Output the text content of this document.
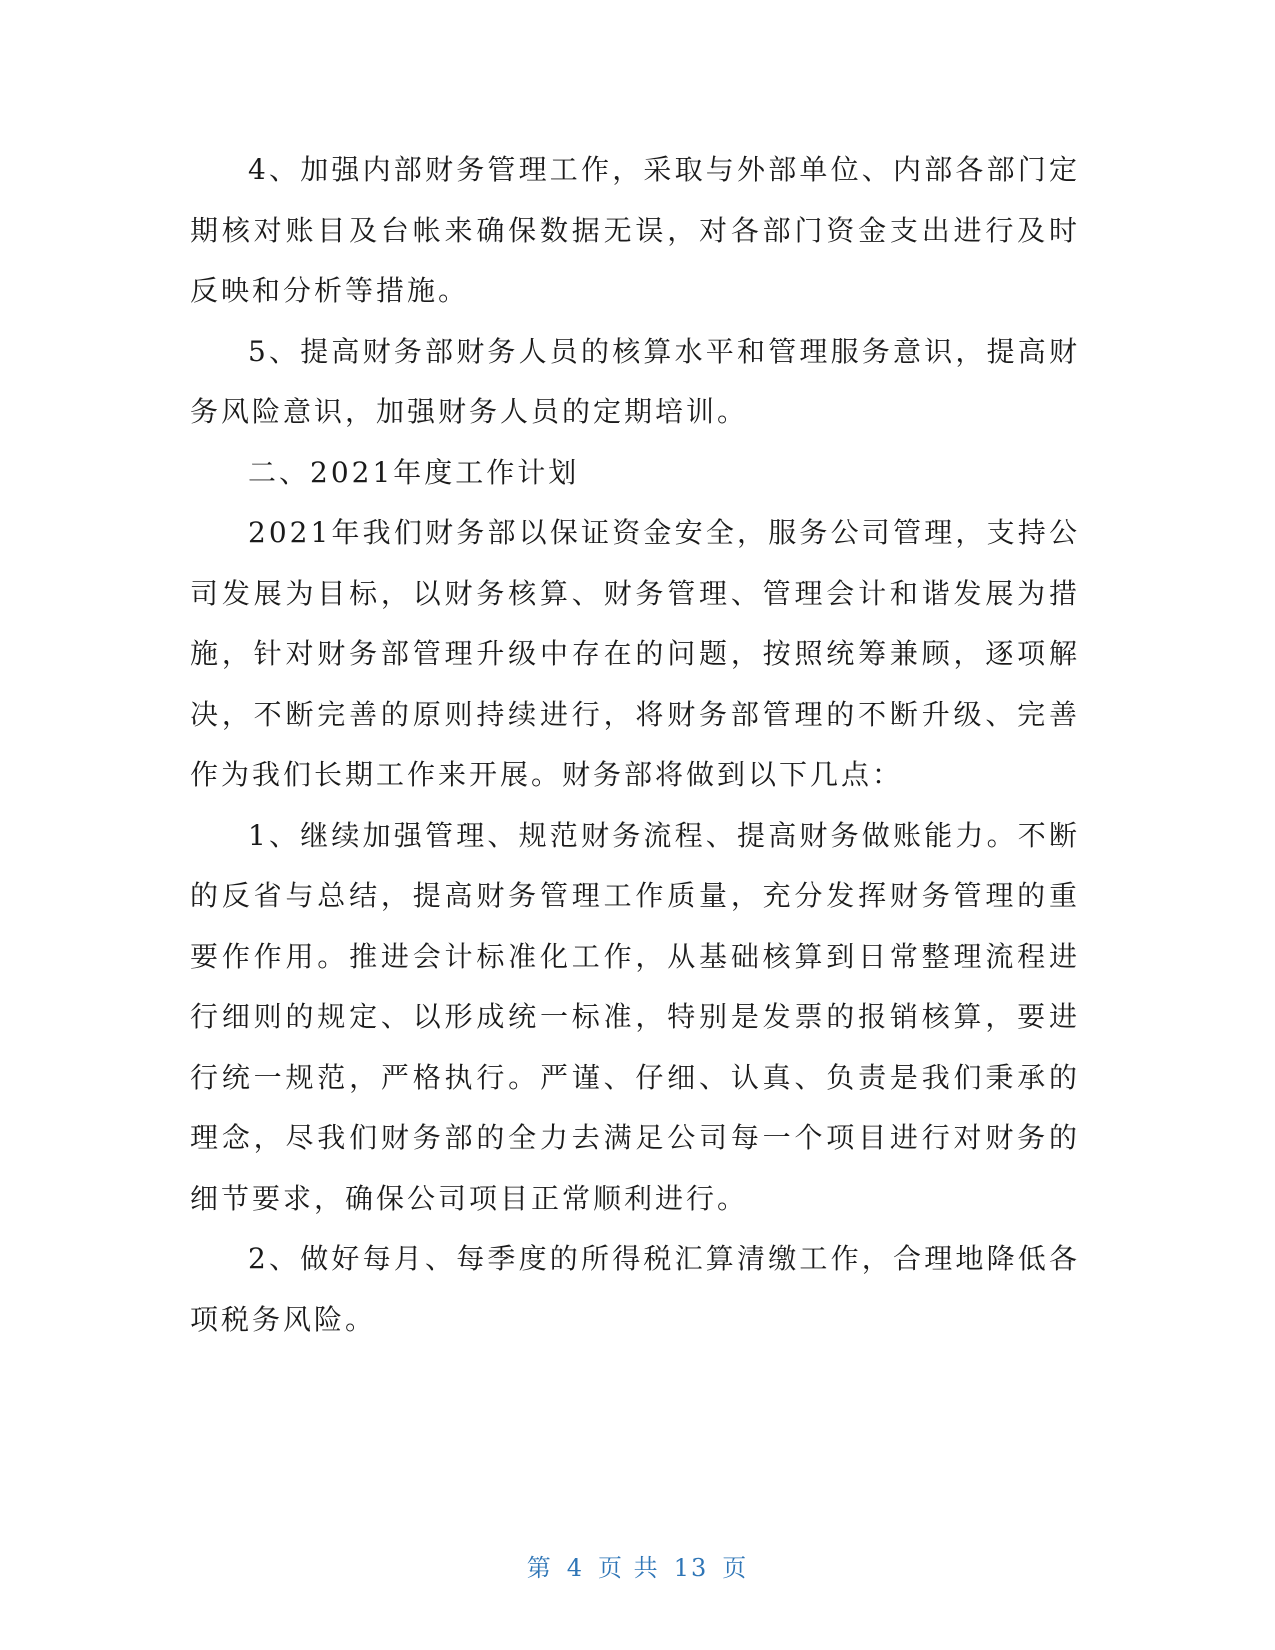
4、加强内部财务管理工作，采取与外部单位、内部各部门定期核对账目及台帐来确保数据无误，对各部门资金支出进行及时反映和分析等措施。

5、提高财务部财务人员的核算水平和管理服务意识，提高财务风险意识，加强财务人员的定期培训。

二、2021年度工作计划

2021年我们财务部以保证资金安全，服务公司管理，支持公司发展为目标，以财务核算、财务管理、管理会计和谐发展为措施，针对财务部管理升级中存在的问题，按照统筹兼顾，逐项解决，不断完善的原则持续进行，将财务部管理的不断升级、完善作为我们长期工作来开展。财务部将做到以下几点：

1、继续加强管理、规范财务流程、提高财务做账能力。不断的反省与总结，提高财务管理工作质量，充分发挥财务管理的重要作作用。推进会计标准化工作，从基础核算到日常整理流程进行细则的规定、以形成统一标准，特别是发票的报销核算，要进行统一规范，严格执行。严谨、仔细、认真、负责是我们秉承的理念，尽我们财务部的全力去满足公司每一个项目进行对财务的细节要求，确保公司项目正常顺利进行。

2、做好每月、每季度的所得税汇算清缴工作，合理地降低各项税务风险。

第 4 页 共 13 页
